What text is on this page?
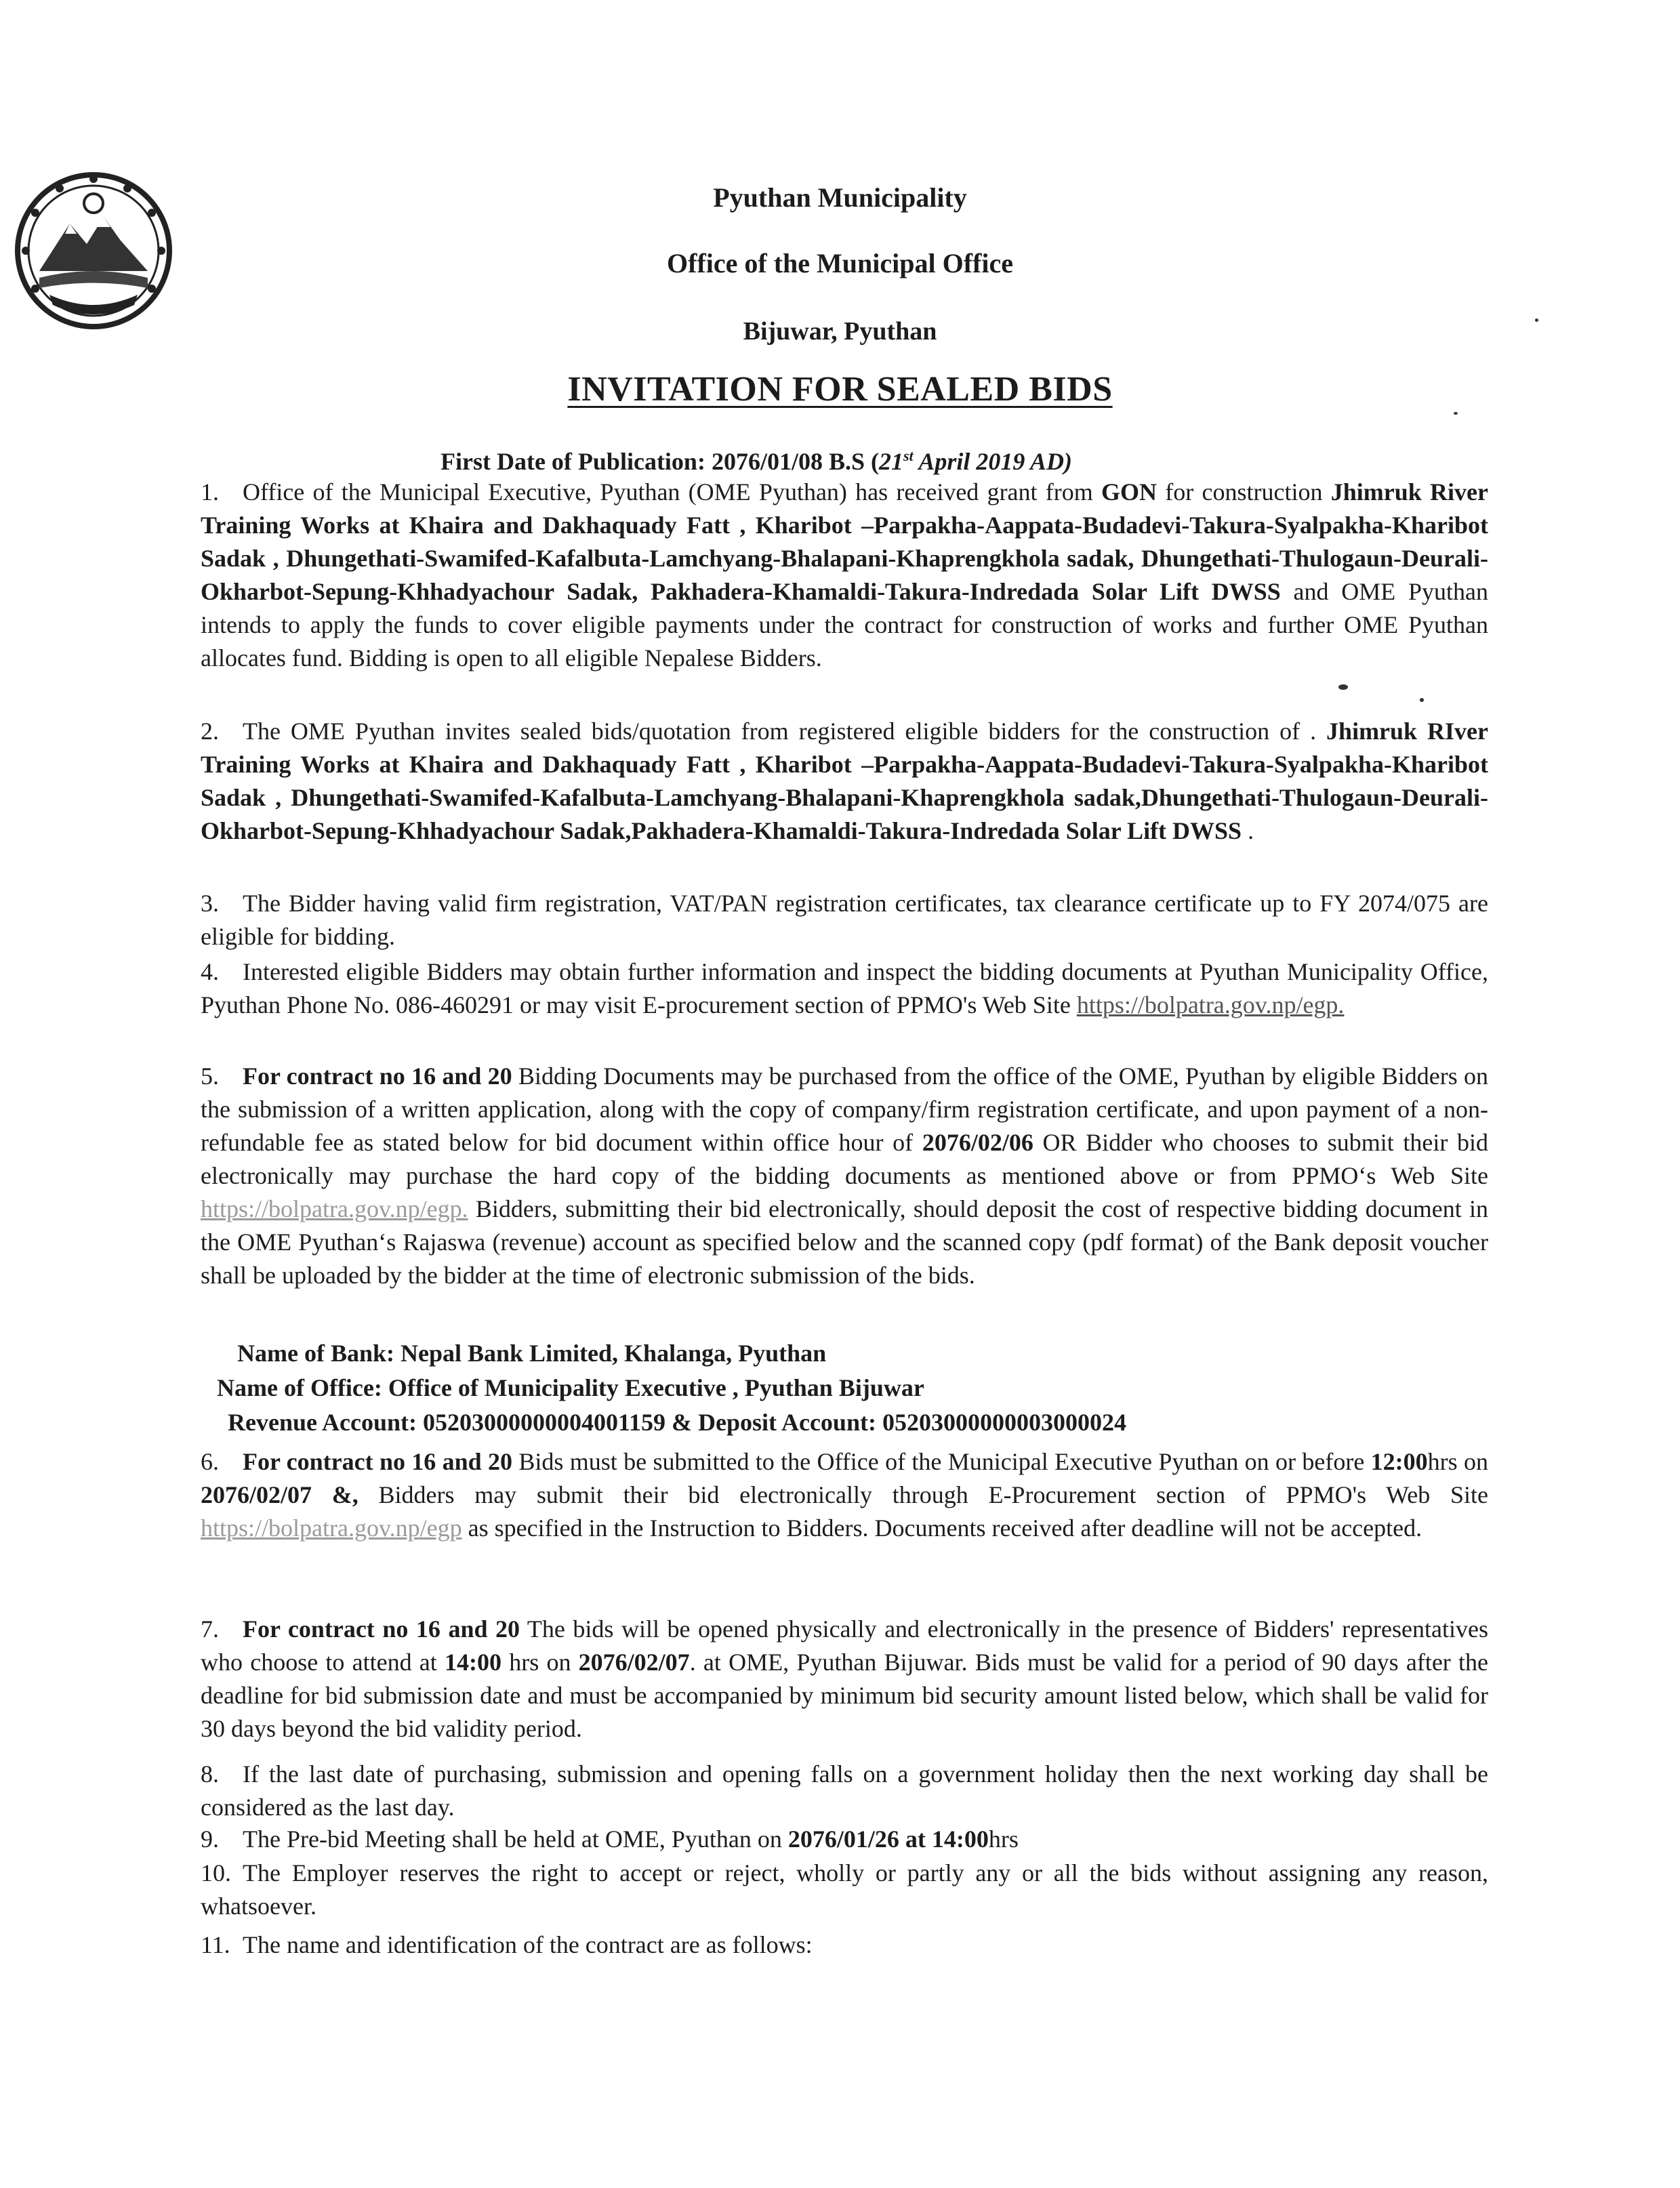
Pyuthan Municipality
Office of the Municipal Office
Bijuwar, Pyuthan
INVITATION FOR SEALED BIDS
First Date of Publication: 2076/01/08 B.S (21st April 2019 AD)
1. Office of the Municipal Executive, Pyuthan (OME Pyuthan) has received grant from GON for construction Jhimruk River Training Works at Khaira and Dakhaquady Fatt , Kharibot –Parpakha-Aappata-Budadevi-Takura-Syalpakha-Kharibot Sadak , Dhungethati-Swamifed-Kafalbuta-Lamchyang-Bhalapani-Khaprengkhola sadak, Dhungethati-Thulogaun-Deurali-Okharbot-Sepung-Khhadyachour Sadak, Pakhadera-Khamaldi-Takura-Indredada Solar Lift DWSS and OME Pyuthan intends to apply the funds to cover eligible payments under the contract for construction of works and further OME Pyuthan allocates fund. Bidding is open to all eligible Nepalese Bidders.
2. The OME Pyuthan invites sealed bids/quotation from registered eligible bidders for the construction of . Jhimruk RIver Training Works at Khaira and Dakhaquady Fatt , Kharibot –Parpakha-Aappata-Budadevi-Takura-Syalpakha-Kharibot Sadak , Dhungethati-Swamifed-Kafalbuta-Lamchyang-Bhalapani-Khaprengkhola sadak,Dhungethati-Thulogaun-Deurali-Okharbot-Sepung-Khhadyachour Sadak,Pakhadera-Khamaldi-Takura-Indredada Solar Lift DWSS .
3. The Bidder having valid firm registration, VAT/PAN registration certificates, tax clearance certificate up to FY 2074/075 are eligible for bidding.
4. Interested eligible Bidders may obtain further information and inspect the bidding documents at Pyuthan Municipality Office, Pyuthan Phone No. 086-460291 or may visit E-procurement section of PPMO's Web Site https://bolpatra.gov.np/egp.
5. For contract no 16 and 20 Bidding Documents may be purchased from the office of the OME, Pyuthan by eligible Bidders on the submission of a written application, along with the copy of company/firm registration certificate, and upon payment of a non-refundable fee as stated below for bid document within office hour of 2076/02/06 OR Bidder who chooses to submit their bid electronically may purchase the hard copy of the bidding documents as mentioned above or from PPMO‘s Web Site https://bolpatra.gov.np/egp. Bidders, submitting their bid electronically, should deposit the cost of respective bidding document in the OME Pyuthan‘s Rajaswa (revenue) account as specified below and the scanned copy (pdf format) of the Bank deposit voucher shall be uploaded by the bidder at the time of electronic submission of the bids.
Name of Bank: Nepal Bank Limited, Khalanga, Pyuthan
Name of Office: Office of Municipality Executive , Pyuthan Bijuwar
Revenue Account: 05203000000004001159 & Deposit Account: 05203000000003000024
6. For contract no 16 and 20 Bids must be submitted to the Office of the Municipal Executive Pyuthan on or before 12:00hrs on 2076/02/07 &, Bidders may submit their bid electronically through E-Procurement section of PPMO's Web Site https://bolpatra.gov.np/egp as specified in the Instruction to Bidders. Documents received after deadline will not be accepted.
7. For contract no 16 and 20 The bids will be opened physically and electronically in the presence of Bidders' representatives who choose to attend at 14:00 hrs on 2076/02/07. at OME, Pyuthan Bijuwar. Bids must be valid for a period of 90 days after the deadline for bid submission date and must be accompanied by minimum bid security amount listed below, which shall be valid for 30 days beyond the bid validity period.
8. If the last date of purchasing, submission and opening falls on a government holiday then the next working day shall be considered as the last day.
9. The Pre-bid Meeting shall be held at OME, Pyuthan on 2076/01/26 at 14:00hrs
10. The Employer reserves the right to accept or reject, wholly or partly any or all the bids without assigning any reason, whatsoever.
11. The name and identification of the contract are as follows:
